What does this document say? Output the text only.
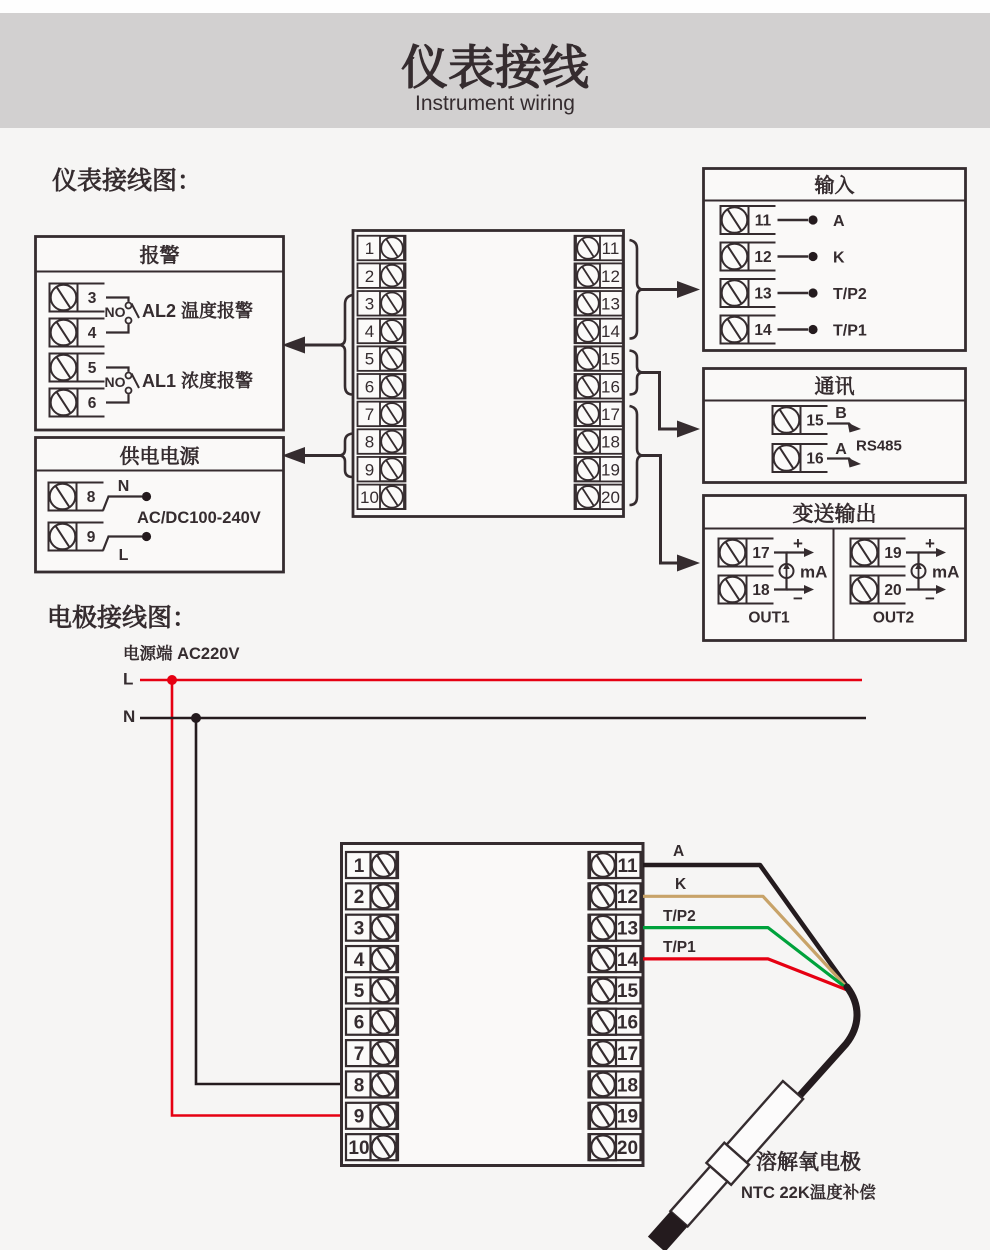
仪表接线
Instrument wiring
仪表接线图：
电极接线图：
报警
NO AL2 温度报警
NO AL1 浓度报警
供电电源
N
AC/DC100-240V
L
输入
A
K
T/P2
T/P1
通讯
B
RS485
A
变送输出
+
−
mA
OUT1
+
−
mA
OUT2
1	11
2	12
3	13
4	14
5	15
6	16
7	17
8	18
9	19
10	20
3
4
5
6
8
9
11
12
13
14
15
16
17
18
19
20
电源端 AC220V
L
N
1	11
2	12
3	13
4	14
5	15
6	16
7	17
8	18
9	19
10	20
A
K
T/P2
T/P1
溶解氧电极
NTC 22K温度补偿
